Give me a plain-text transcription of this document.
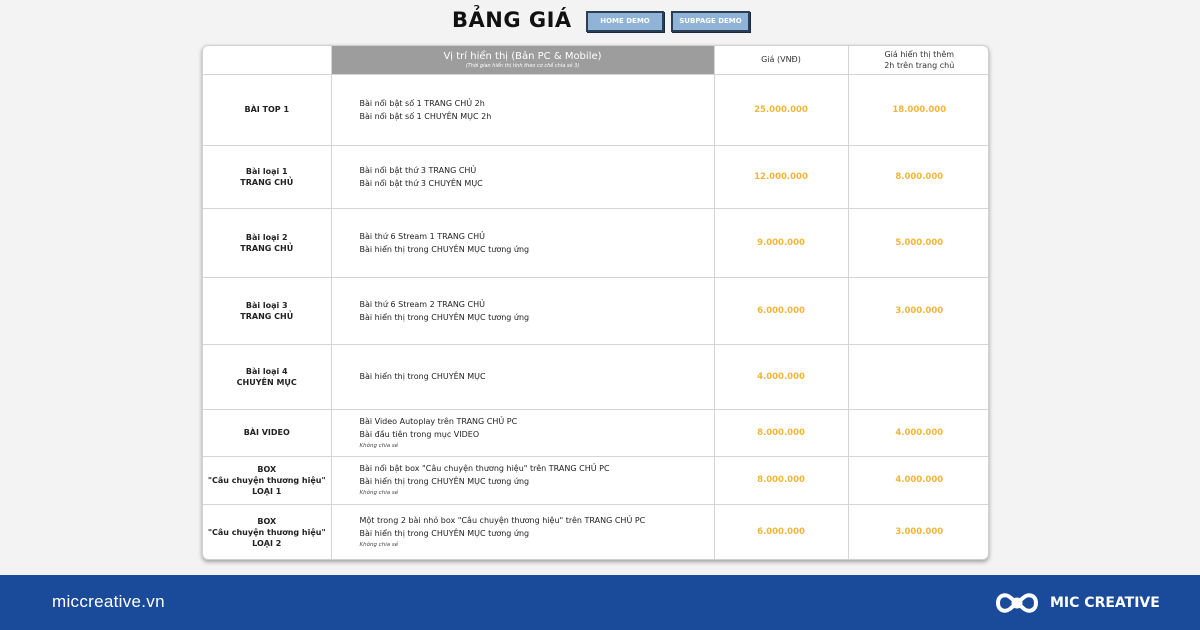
BẢNG GIÁ	HOME DEMO	SUBPAGE DEMO

	Vị trí hiển thị (Bản PC & Mobile)
(Thời gian hiển thị tính theo cơ chế chia sẻ 3)	Giá (VNĐ)	Giá hiển thị thêm
2h trên trang chủ

BÀI TOP 1	Bài nổi bật số 1 TRANG CHỦ 2h
Bài nổi bật số 1 CHUYÊN MỤC 2h	25.000.000	18.000.000

Bài loại 1
TRANG CHỦ	Bài nổi bật thứ 3 TRANG CHỦ
Bài nổi bật thứ 3 CHUYÊN MỤC	12.000.000	8.000.000

Bài loại 2
TRANG CHỦ	Bài thứ 6 Stream 1 TRANG CHỦ
Bài hiển thị trong CHUYÊN MỤC tương ứng	9.000.000	5.000.000

Bài loại 3
TRANG CHỦ	Bài thứ 6 Stream 2 TRANG CHỦ
Bài hiển thị trong CHUYÊN MỤC tương ứng	6.000.000	3.000.000

Bài loại 4
CHUYÊN MỤC	Bài hiển thị trong CHUYÊN MỤC	4.000.000	

BÀI VIDEO	Bài Video Autoplay trên TRANG CHỦ PC
Bài đầu tiên trong mục VIDEO
Không chia sẻ	8.000.000	4.000.000

BOX
"Câu chuyện thương hiệu"
LOẠI 1	Bài nổi bật box "Câu chuyện thương hiệu" trên TRANG CHỦ PC
Bài hiển thị trong CHUYÊN MỤC tương ứng
Không chia sẻ	8.000.000	4.000.000

BOX
"Câu chuyện thương hiệu"
LOẠI 2	Một trong 2 bài nhỏ box "Câu chuyện thương hiệu" trên TRANG CHỦ PC
Bài hiển thị trong CHUYÊN MỤC tương ứng
Không chia sẻ	6.000.000	3.000.000
miccreative.vn	MIC CREATIVE
